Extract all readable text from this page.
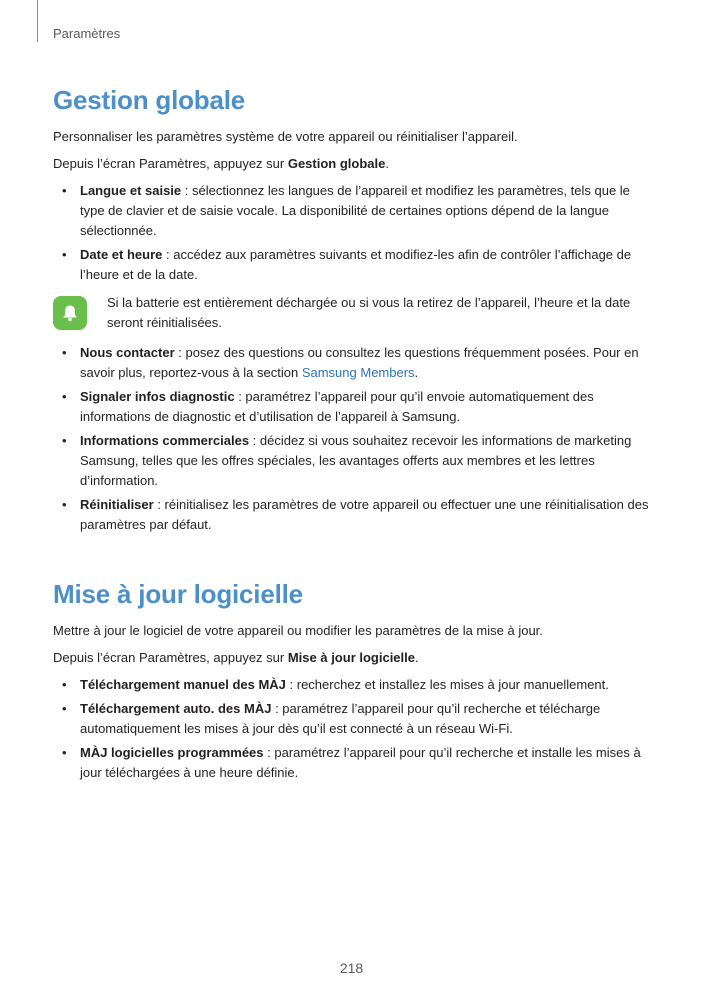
Paramètres
Gestion globale

Personnaliser les paramètres système de votre appareil ou réinitialiser l’appareil.

Depuis l’écran Paramètres, appuyez sur Gestion globale.

• Langue et saisie : sélectionnez les langues de l’appareil et modifiez les paramètres, tels que le type de clavier et de saisie vocale. La disponibilité de certaines options dépend de la langue sélectionnée.
• Date et heure : accédez aux paramètres suivants et modifiez-les afin de contrôler l’affichage de l’heure et de la date.
Si la batterie est entièrement déchargée ou si vous la retirez de l’appareil, l’heure et la date seront réinitialisées.
• Nous contacter : posez des questions ou consultez les questions fréquemment posées. Pour en savoir plus, reportez-vous à la section Samsung Members.
• Signaler infos diagnostic : paramétrez l’appareil pour qu’il envoie automatiquement des informations de diagnostic et d’utilisation de l’appareil à Samsung.
• Informations commerciales : décidez si vous souhaitez recevoir les informations de marketing Samsung, telles que les offres spéciales, les avantages offerts aux membres et les lettres d’information.
• Réinitialiser : réinitialisez les paramètres de votre appareil ou effectuer une une réinitialisation des paramètres par défaut.
Mise à jour logicielle

Mettre à jour le logiciel de votre appareil ou modifier les paramètres de la mise à jour.

Depuis l’écran Paramètres, appuyez sur Mise à jour logicielle.

• Téléchargement manuel des MÀJ : recherchez et installez les mises à jour manuellement.
• Téléchargement auto. des MÀJ : paramétrez l’appareil pour qu’il recherche et télécharge automatiquement les mises à jour dès qu’il est connecté à un réseau Wi-Fi.
• MÀJ logicielles programmées : paramétrez l’appareil pour qu’il recherche et installe les mises à jour téléchargées à une heure définie.
218
